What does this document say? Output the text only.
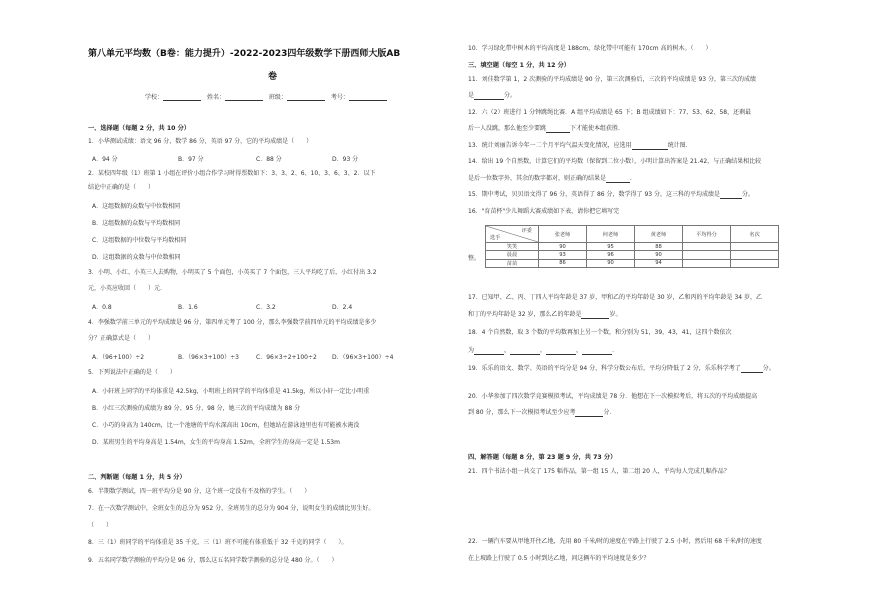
第八单元平均数（B卷：能力提升）-2022-2023四年级数学下册西师大版AB
卷
学校：	姓名：	班级：	考号：
一、选择题（每题 2 分，共 10 分）
1．小华测试成绩：语文 96 分，数学 86 分，英语 97 分，它的平均成绩是（　　）
A．94 分	B．97 分	C．88 分	D．93 分
2．某校四年级（1）班第 1 小组在评价小组合作学习时得票数如下：3、3、2、6、10、3、6、3、2．以下
结论中正确的是（　　）
A．这组数据的众数与中位数相同
B．这组数据的众数与平均数相同
C．这组数据的中位数与平均数相同
D．这组数据的众数与中位数相同
3．小明、小红、小英三人去购物，小明买了 5 个面包，小英买了 7 个面包，三人平均吃了后，小红付出 3.2
元，小英应收回（　　）元．
A．0.8	B．1.6	C．3.2	D．2.4
4．李强数学前三单元的平均成绩是 96 分，第四单元考了 100 分，那么李强数学前四单元的平均成绩是多少
分？正确算式是（　　）
A．（96+100）÷2	B．（96×3+100）÷3	C．96×3÷2+100÷2	D．（96×3+100）÷4
5．下列说法中正确的是（　　）
A．小轩班上同学的平均体重是 42.5kg，小明班上的同学的平均体重是 41.5kg，所以小轩一定比小明重
B．小红三次测验的成绩为 89 分、95 分、98 分，她三次的平均成绩为 88 分
C．小巧的身高为 140cm，比一个池塘的平均水深高出 10cm，但她站在游泳池里也有可能被水淹没
D．某班男生的平均身高是 1.54m，女生的平均身高 1.52m，全班学生的身高一定是 1.53m
二、判断题（每题 1 分，共 5 分）
6．半期数学测试，四一班平均分是 90 分，这个班一定没有不及格的学生。（　　）
7．在一次数学测试中，全班女生的总分为 952 分，全班男生的总分为 904 分，说明女生的成绩比男生好。
（　　）
8．三（1）班同学的平均体重是 35 千克，三（1）班不可能有体重低于 32 千克的同学（　　）。
9．五名同学数学测验的平均分是 96 分，那么这五名同学数学测验的总分是 480 分。（　　）
10．学习绿化带中树木的平均高度是 188cm，绿化带中可能有 170cm 高的树木。（　　）
三、填空题（每空 1 分，共 12 分）
11．刘佳数学第 1，2 次测验的平均成绩是 90 分，第三次测验后，三次的平均成绩是 93 分，第三次的成绩
是	分。
12．六（2）班进行 1 分钟跳绳比赛．A 组平均成绩是 65 下；B 组成绩如下：77、53、62、58，还剩最
后一人没跳，那么他至少要跳	下才能使本组获胜．
13．统计刘丽告诉今年一二个月平均气温天变化情况，应选用	统计图．
14．给出 19 个自然数，计算它们的平均数（保留到二位小数），小明计算出答案是 21.42，与正确结果相比较
是后一位数字外，其余的数字都对，则正确的结果是	．
15．期中考试，贝贝语文得了 96 分，英语得了 86 分，数学得了 93 分，这三科的平均成绩是	分。
16．"育苗杯"少儿舞蹈大赛成绩如下表，请你把它填写完
整。
评委
选手	张老师	何老师	黄老师	平均得分	名次
笑笑	90	95	88		
晨晨	93	96	90		
苗苗	86	90	94		
17．已知甲、乙、丙、丁四人平均年龄是 37 岁，甲和乙的平均年龄是 30 岁，乙和丙的平均年龄是 34 岁，乙
和丁的平均年龄是 32 岁，那么乙的年龄是	岁。
18．4 个自然数，取 3 个数的平均数再加上另一个数，和分别为 51，39，43，41，这四个数依次
为	，	，	，	．
19．乐乐的语文、数学、英语的平均分是 94 分，科学分数公布后，平均分降低了 2 分，乐乐科学考了	分。
20．小华参加了四次数学竞赛模拟考试，平均成绩是 78 分．他想在下一次模拟考后，将五次的平均成绩提高
到 80 分，那么下一次模拟考试至少应考	分．
四、解答题（每题 8 分，第 23 题 9 分，共 73 分）
21．四个书法小组一共交了 175 幅作品，第一组 15 人，第二组 20 人，平均每人完成几幅作品？
22．一辆汽车要从甲地开往乙地，先用 80 千米/时的速度在平路上行驶了 2.5 小时，然后用 68 千米/时的速度
在上坡路上行驶了 0.5 小时到达乙地，问这辆车的平均速度是多少？
